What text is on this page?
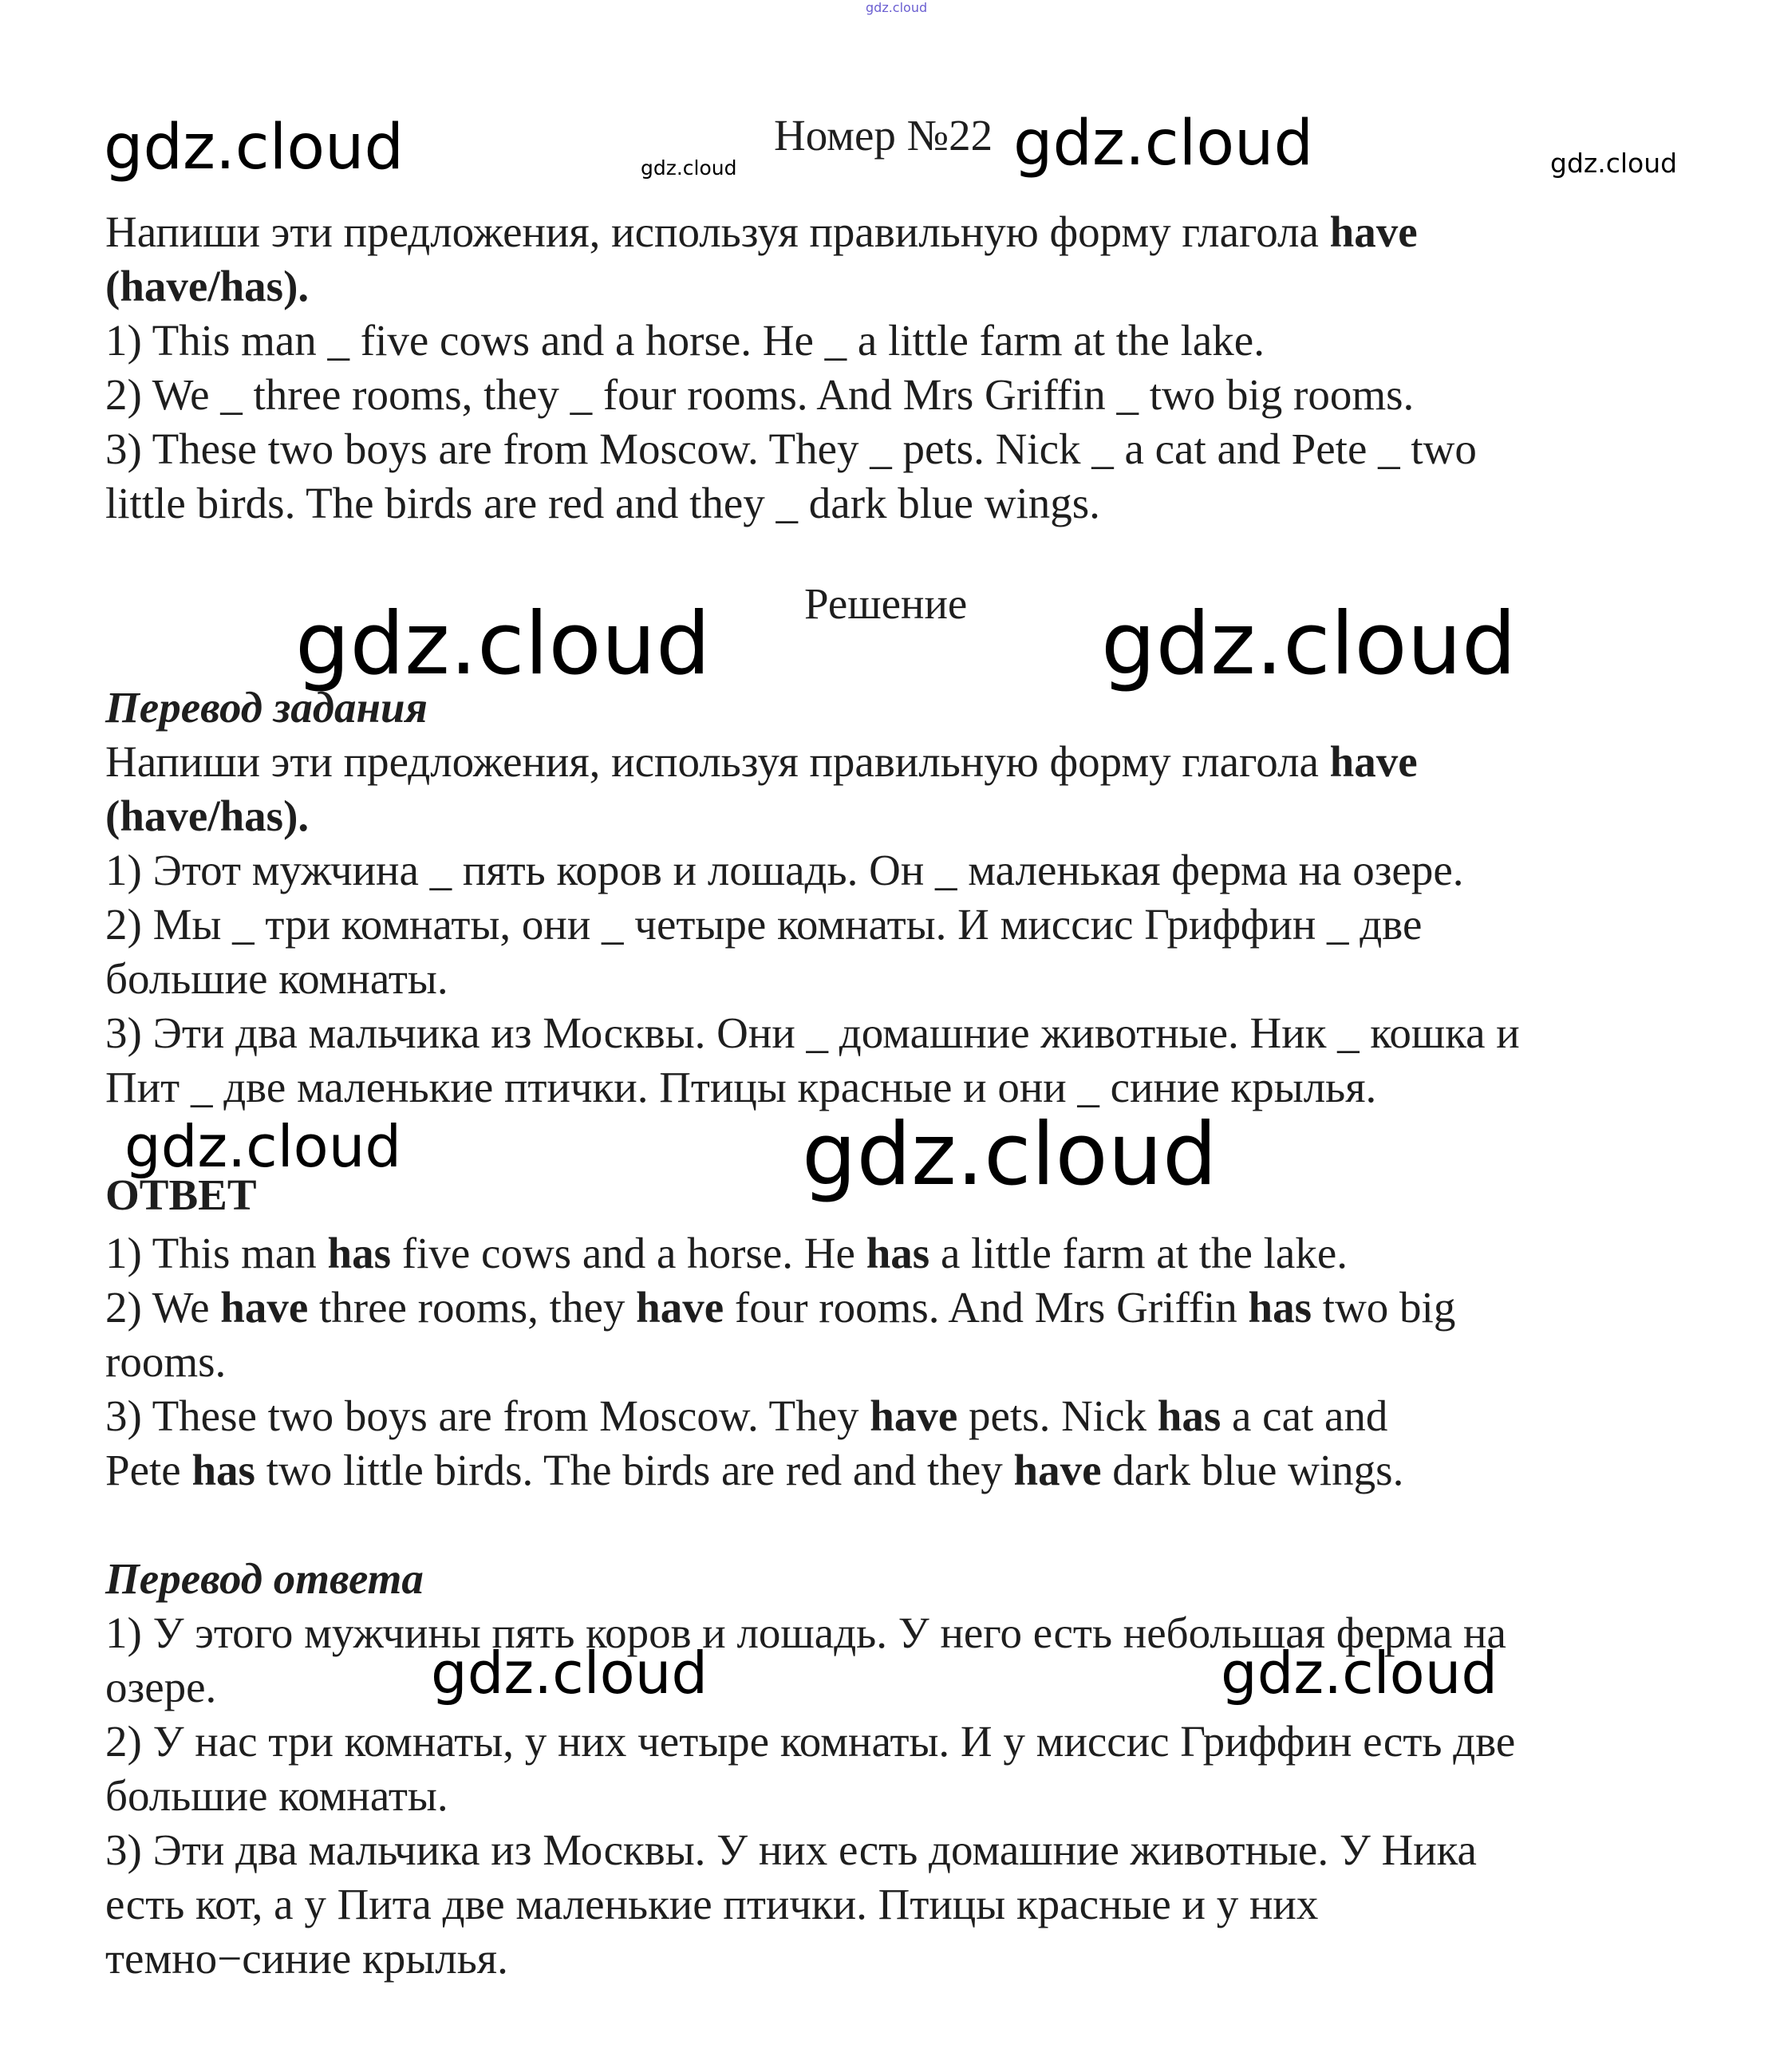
gdz.cloud
gdz.cloud	gdz.cloud	gdz.cloud	gdz.cloud
gdz.cloud	gdz.cloud
gdz.cloud	gdz.cloud
gdz.cloud	gdz.cloud
Номер №22
Напиши эти предложения, используя правильную форму глагола have
(have/has).
1) This man _ five cows and a horse. He _ a little farm at the lake.
2) We _ three rooms, they _ four rooms. And Mrs Griffin _ two big rooms.
3) These two boys are from Moscow. They _ pets. Nick _ a cat and Pete _ two
little birds. The birds are red and they _ dark blue wings.
Решение
Перевод задания
Напиши эти предложения, используя правильную форму глагола have
(have/has).
1) Этот мужчина _ пять коров и лошадь. Он _ маленькая ферма на озере.
2) Мы _ три комнаты, они _ четыре комнаты. И миссис Гриффин _ две
большие комнаты.
3) Эти два мальчика из Москвы. Они _ домашние животные. Ник _ кошка и
Пит _ две маленькие птички. Птицы красные и они _ синие крылья.
ОТВЕТ
1) This man has five cows and a horse. He has a little farm at the lake.
2) We have three rooms, they have four rooms. And Mrs Griffin has two big
rooms.
3) These two boys are from Moscow. They have pets. Nick has a cat and
Pete has two little birds. The birds are red and they have dark blue wings.
Перевод ответа
1) У этого мужчины пять коров и лошадь. У него есть небольшая ферма на
озере.
2) У нас три комнаты, у них четыре комнаты. И у миссис Гриффин есть две
большие комнаты.
3) Эти два мальчика из Москвы. У них есть домашние животные. У Ника
есть кот, а у Пита две маленькие птички. Птицы красные и у них
темно−синие крылья.
